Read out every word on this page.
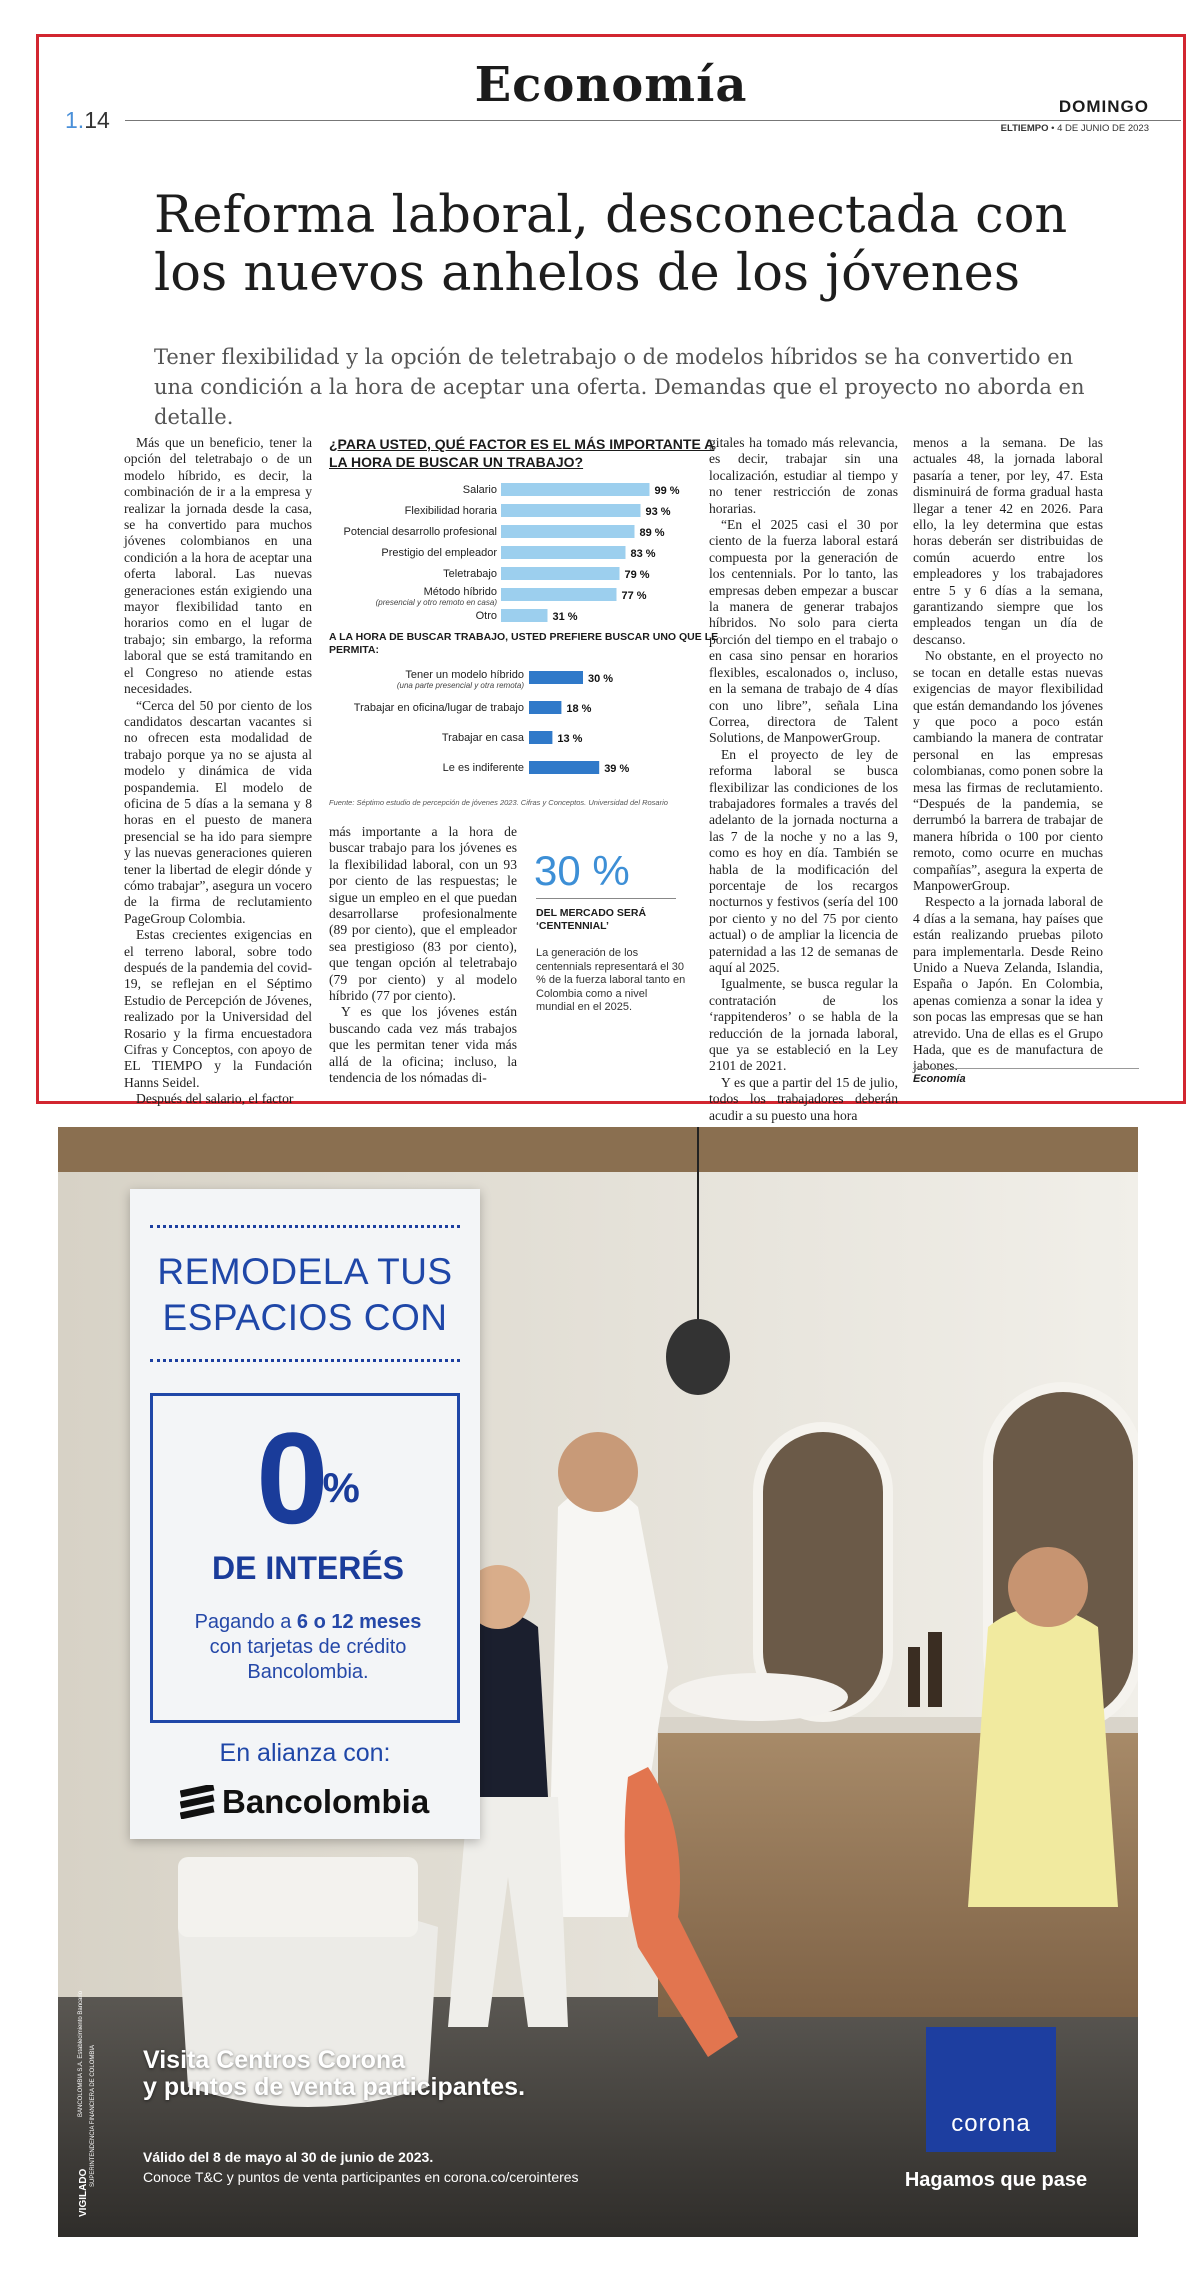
Economía
1.14
DOMINGO
ELTIEMPO • 4 DE JUNIO DE 2023
Reforma laboral, desconectada con los nuevos anhelos de los jóvenes
Tener flexibilidad y la opción de teletrabajo o de modelos híbridos se ha convertido en una condición a la hora de aceptar una oferta. Demandas que el proyecto no aborda en detalle.

Más que un beneficio, tener la opción del teletrabajo o de un modelo híbrido, es decir, la combinación de ir a la empresa y realizar la jornada desde la casa, se ha convertido para muchos jóvenes colombianos en una condición a la hora de aceptar una oferta laboral. Las nuevas generaciones están exigiendo una mayor flexibilidad tanto en horarios como en el lugar de trabajo; sin embargo, la reforma laboral que se está tramitando en el Congreso no atiende estas necesidades.

“Cerca del 50 por ciento de los candidatos descartan vacantes si no ofrecen esta modalidad de trabajo porque ya no se ajusta al modelo y dinámica de vida pospandemia. El modelo de oficina de 5 días a la semana y 8 horas en el puesto de manera presencial se ha ido para siempre y las nuevas generaciones quieren tener la libertad de elegir dónde y cómo trabajar”, asegura un vocero de la firma de reclutamiento PageGroup Colombia.

Estas crecientes exigencias en el terreno laboral, sobre todo después de la pandemia del covid-19, se reflejan en el Séptimo Estudio de Percepción de Jóvenes, realizado por la Universidad del Rosario y la firma encuestadora Cifras y Conceptos, con apoyo de EL TIEMPO y la Fundación Hanns Seidel.

Después del salario, el factor

¿PARA USTED, QUÉ FACTOR ES EL MÁS IMPORTANTE A LA HORA DE BUSCAR UN TRABAJO?
Salario	99 %
Flexibilidad horaria	93 %
Potencial desarrollo profesional	89 %
Prestigio del empleador	83 %
Teletrabajo	79 %
Método híbrido
(presencial y otro remoto en casa)
77 %
Otro	31 %
A LA HORA DE BUSCAR TRABAJO, USTED PREFIERE BUSCAR UNO QUE LE PERMITA:
Tener un modelo híbrido
(una parte presencial y otra remota)
30 %
Trabajar en oficina/lugar de trabajo	18 %
Trabajar en casa	13 %
Le es indiferente	39 %
Fuente: Séptimo estudio de percepción de jóvenes 2023. Cifras y Conceptos. Universidad del Rosario

más importante a la hora de buscar trabajo para los jóvenes es la flexibilidad laboral, con un 93 por ciento de las respuestas; le sigue un empleo en el que puedan desarrollarse profesionalmente (89 por ciento), que el empleador sea prestigioso (83 por ciento), que tengan opción al teletrabajo (79 por ciento) y al modelo híbrido (77 por ciento).

Y es que los jóvenes están buscando cada vez más trabajos que les permitan tener vida más allá de la oficina; incluso, la tendencia de los nómadas di-

30 %
DEL MERCADO SERÁ ‘CENTENNIAL’
La generación de los centennials representará el 30 % de la fuerza laboral tanto en Colombia como a nivel mundial en el 2025.

gitales ha tomado más relevancia, es decir, trabajar sin una localización, estudiar al tiempo y no tener restricción de zonas horarias.

“En el 2025 casi el 30 por ciento de la fuerza laboral estará compuesta por la generación de los centennials. Por lo tanto, las empresas deben empezar a buscar la manera de generar trabajos híbridos. No solo para cierta porción del tiempo en el trabajo o en casa sino pensar en horarios flexibles, escalonados o, incluso, en la semana de trabajo de 4 días con uno libre”, señala Lina Correa, directora de Talent Solutions, de ManpowerGroup.

En el proyecto de ley de reforma laboral se busca flexibilizar las condiciones de los trabajadores formales a través del adelanto de la jornada nocturna a las 7 de la noche y no a las 9, como es hoy en día. También se habla de la modificación del porcentaje de los recargos nocturnos y festivos (sería del 100 por ciento y no del 75 por ciento actual) o de ampliar la licencia de paternidad a las 12 de semanas de aquí al 2025.

Igualmente, se busca regular la contratación de los ‘rappitenderos’ o se habla de la reducción de la jornada laboral, que ya se estableció en la Ley 2101 de 2021.

Y es que a partir del 15 de julio, todos los trabajadores deberán acudir a su puesto una hora

menos a la semana. De las actuales 48, la jornada laboral pasaría a tener, por ley, 47. Esta disminuirá de forma gradual hasta llegar a tener 42 en 2026. Para ello, la ley determina que estas horas deberán ser distribuidas de común acuerdo entre los empleadores y los trabajadores entre 5 y 6 días a la semana, garantizando siempre que los empleados tengan un día de descanso.

No obstante, en el proyecto no se tocan en detalle estas nuevas exigencias de mayor flexibilidad que están demandando los jóvenes y que poco a poco están cambiando la manera de contratar personal en las empresas colombianas, como ponen sobre la mesa las firmas de reclutamiento. “Después de la pandemia, se derrumbó la barrera de trabajar de manera híbrida o 100 por ciento remoto, como ocurre en muchas compañías”, asegura la experta de ManpowerGroup.

Respecto a la jornada laboral de 4 días a la semana, hay países que están realizando pruebas piloto para implementarla. Desde Reino Unido a Nueva Zelanda, Islandia, España o Japón. En Colombia, apenas comienza a sonar la idea y son pocas las empresas que se han atrevido. Una de ellas es el Grupo Hada, que es de manufactura de jabones.

Economía
REMODELA TUS
ESPACIOS CON
0%
DE INTERÉS
Pagando a 6 o 12 meses
con tarjetas de crédito
Bancolombia.
En alianza con:
Bancolombia
VIGILADO
SUPERINTENDENCIA FINANCIERA DE COLOMBIA
BANCOLOMBIA S.A. Establecimiento Bancario Visita Centros Corona
y puntos de venta participantes.
Válido del 8 de mayo al 30 de junio de 2023.
Conoce T&C y puntos de venta participantes en corona.co/cerointeres
corona
Hagamos que pase
